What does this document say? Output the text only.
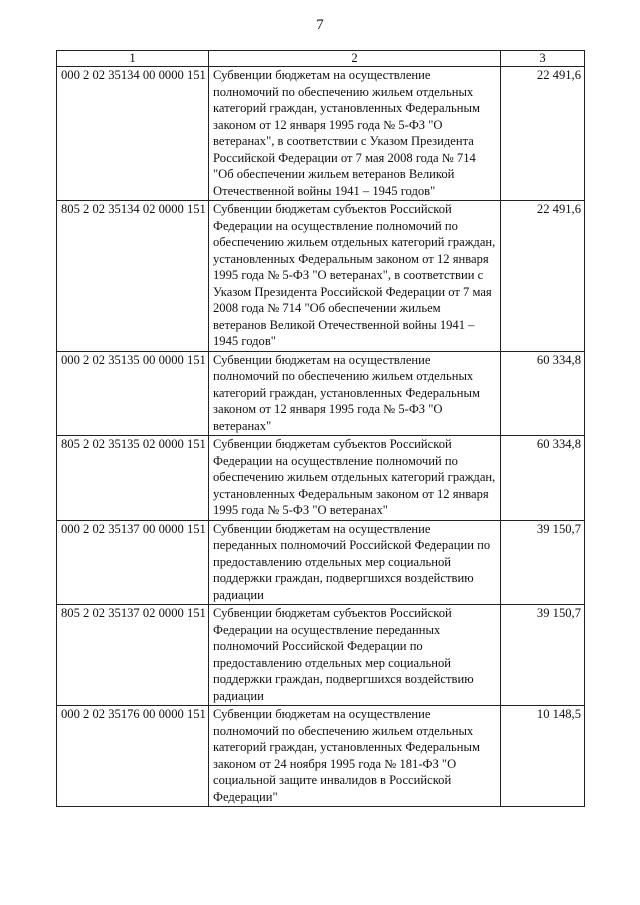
7
1	2	3
000 2 02 35134 00 0000 151	Субвенции бюджетам на осуществление полномочий по обеспечению жильем отдельных категорий граждан, установленных Федеральным законом от 12 января 1995 года № 5-ФЗ "О ветеранах", в соответствии с Указом Президента Российской Федерации от 7 мая 2008 года № 714 "Об обеспечении жильем ветеранов Великой Отечественной войны 1941 – 1945 годов"	22 491,6
805 2 02 35134 02 0000 151	Субвенции бюджетам субъектов Российской Федерации на осуществление полномочий по обеспечению жильем отдельных категорий граждан, установленных Федеральным законом от 12 января 1995 года № 5-ФЗ "О ветеранах", в соответствии с Указом Президента Российской Федерации от 7 мая 2008 года № 714 "Об обеспечении жильем ветеранов Великой Отечественной войны 1941 – 1945 годов"	22 491,6
000 2 02 35135 00 0000 151	Субвенции бюджетам на осуществление полномочий по обеспечению жильем отдельных категорий граждан, установленных Федеральным законом от 12 января 1995 года № 5-ФЗ "О ветеранах"	60 334,8
805 2 02 35135 02 0000 151	Субвенции бюджетам субъектов Российской Федерации на осуществление полномочий по обеспечению жильем отдельных категорий граждан, установленных Федеральным законом от 12 января 1995 года № 5-ФЗ "О ветеранах"	60 334,8
000 2 02 35137 00 0000 151	Субвенции бюджетам на осуществление переданных полномочий Российской Федерации по предоставлению отдельных мер социальной поддержки граждан, подвергшихся воздействию радиации	39 150,7
805 2 02 35137 02 0000 151	Субвенции бюджетам субъектов Российской Федерации на осуществление переданных полномочий Российской Федерации по предоставлению отдельных мер социальной поддержки граждан, подвергшихся воздействию радиации	39 150,7
000 2 02 35176 00 0000 151	Субвенции бюджетам на осуществление полномочий по обеспечению жильем отдельных категорий граждан, установленных Федеральным законом от 24 ноября 1995 года № 181-ФЗ "О социальной защите инвалидов в Российской Федерации"	10 148,5
